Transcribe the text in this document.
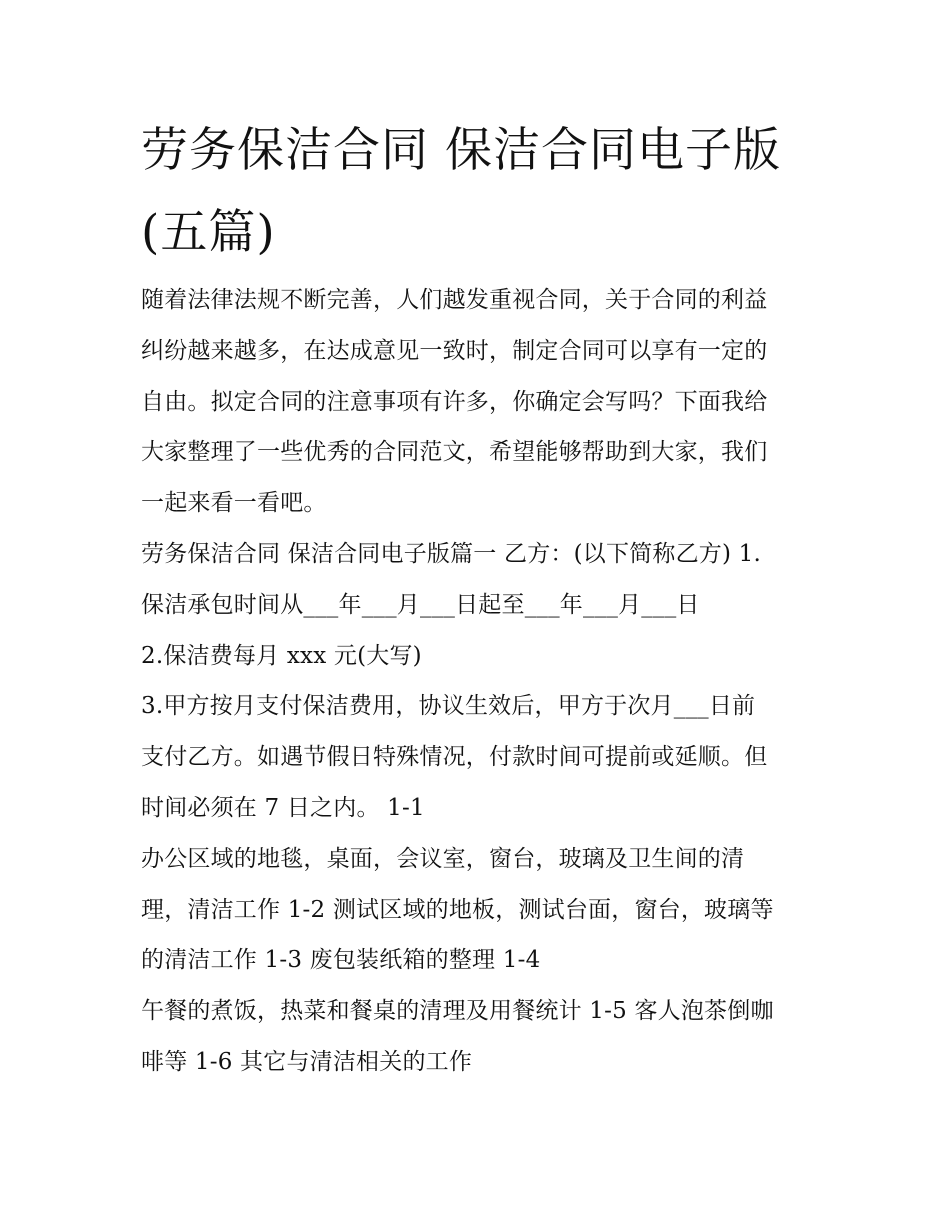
劳务保洁合同 保洁合同电子版
(五篇)
随着法律法规不断完善，人们越发重视合同，关于合同的利益
纠纷越来越多，在达成意见一致时，制定合同可以享有一定的
自由。拟定合同的注意事项有许多，你确定会写吗？下面我给
大家整理了一些优秀的合同范文，希望能够帮助到大家，我们
一起来看一看吧。
劳务保洁合同 保洁合同电子版篇一 乙方：(以下简称乙方) 1.
保洁承包时间从___年___月___日起至___年___月___日
2.保洁费每月 xxx 元(大写)
3.甲方按月支付保洁费用，协议生效后，甲方于次月___日前
支付乙方。如遇节假日特殊情况，付款时间可提前或延顺。但
时间必须在 7 日之内。 1-1
办公区域的地毯，桌面，会议室，窗台，玻璃及卫生间的清
理，清洁工作 1-2 测试区域的地板，测试台面，窗台，玻璃等
的清洁工作 1-3 废包装纸箱的整理 1-4
午餐的煮饭，热菜和餐桌的清理及用餐统计 1-5 客人泡茶倒咖
啡等 1-6 其它与清洁相关的工作
